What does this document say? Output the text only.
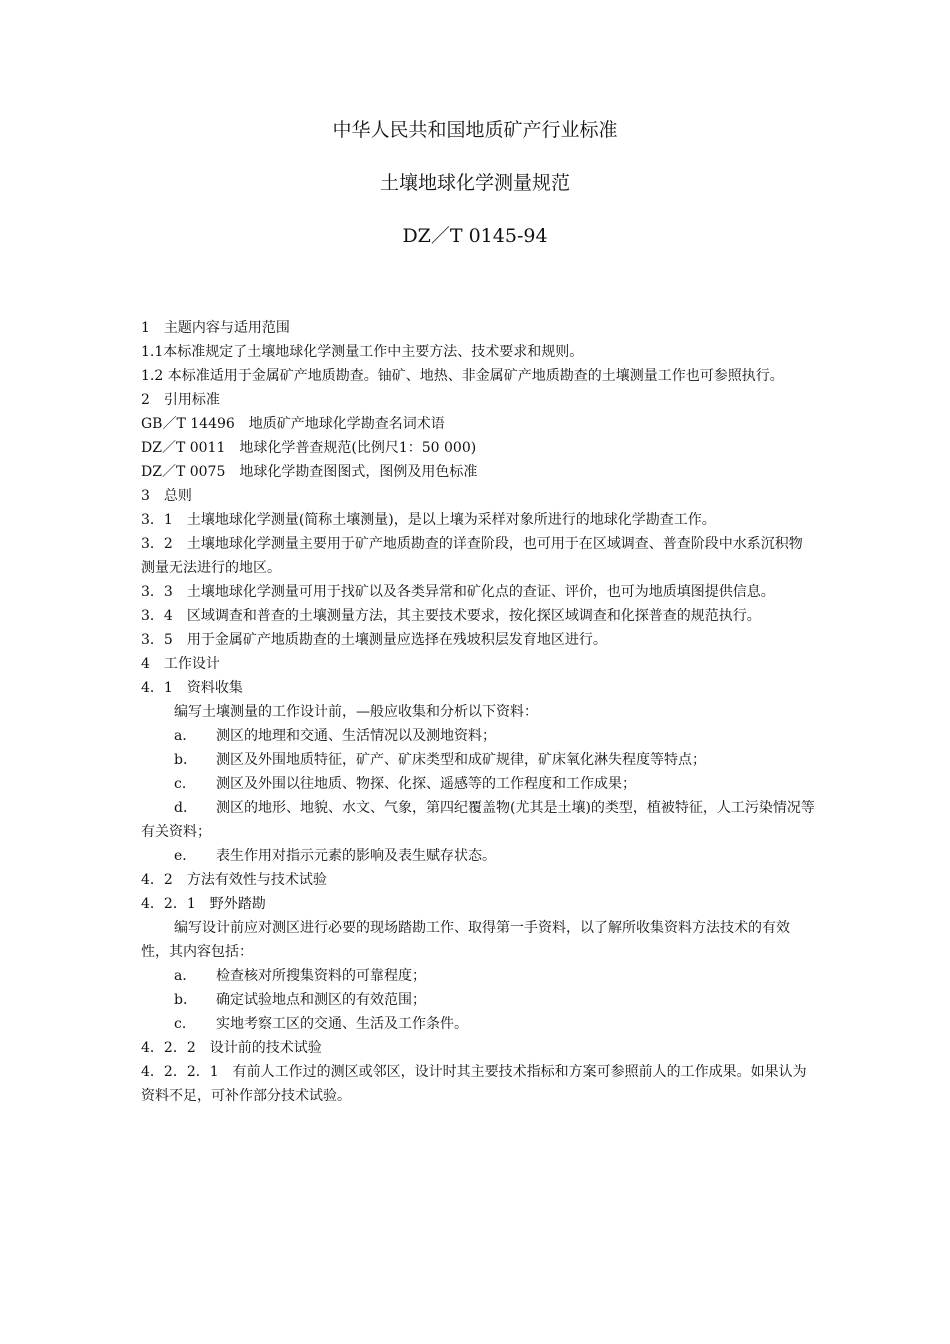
中华人民共和国地质矿产行业标准

土壤地球化学测量规范

DZ／T 0145-94

1　主题内容与适用范围

1.1本标准规定了土壤地球化学测量工作中主要方法、技术要求和规则。

1.2 本标准适用于金属矿产地质勘查。铀矿、地热、非金属矿产地质勘查的土壤测量工作也可参照执行。

2　引用标准

GB／T 14496　地质矿产地球化学勘查名词术语

DZ／T 0011　地球化学普查规范(比例尺1：50 000)

DZ／T 0075　地球化学勘查图图式，图例及用色标准

3　总则

3．1　土壤地球化学测量(简称土壤测量)，是以上壤为采样对象所进行的地球化学勘查工作。

3．2　土壤地球化学测量主要用于矿产地质勘查的详查阶段，也可用于在区域调查、普查阶段中水系沉积物测量无法进行的地区。

3．3　土壤地球化学测量可用于找矿以及各类异常和矿化点的查证、评价，也可为地质填图提供信息。

3．4　区域调查和普查的土壤测量方法，其主要技术要求，按化探区域调查和化探普查的规范执行。

3．5　用于金属矿产地质勘查的土壤测量应选择在残坡积层发育地区进行。

4　工作设计

4．1　资料收集

编写土壤测量的工作设计前，—般应收集和分析以下资料：

a． 测区的地理和交通、生活情况以及测地资料；

b． 测区及外围地质特征，矿产、矿床类型和成矿规律，矿床氧化淋失程度等特点；

c． 测区及外围以往地质、物探、化探、遥感等的工作程度和工作成果；

d． 测区的地形、地貌、水文、气象，第四纪覆盖物(尤其是土壤)的类型，植被特征，人工污染情况等有关资料；

e． 表生作用对指示元素的影响及表生赋存状态。

4．2　方法有效性与技术试验

4．2．1　野外踏勘

编写设计前应对测区进行必要的现场踏勘工作、取得第一手资料，以了解所收集资料方法技术的有效性，其内容包括：

a． 检查核对所搜集资料的可靠程度；

b． 确定试验地点和测区的有效范围；

c． 实地考察工区的交通、生活及工作条件。

4．2．2　设计前的技术试验

4．2．2．1　有前人工作过的测区或邻区，设计时其主要技术指标和方案可参照前人的工作成果。如果认为资料不足，可补作部分技术试验。
